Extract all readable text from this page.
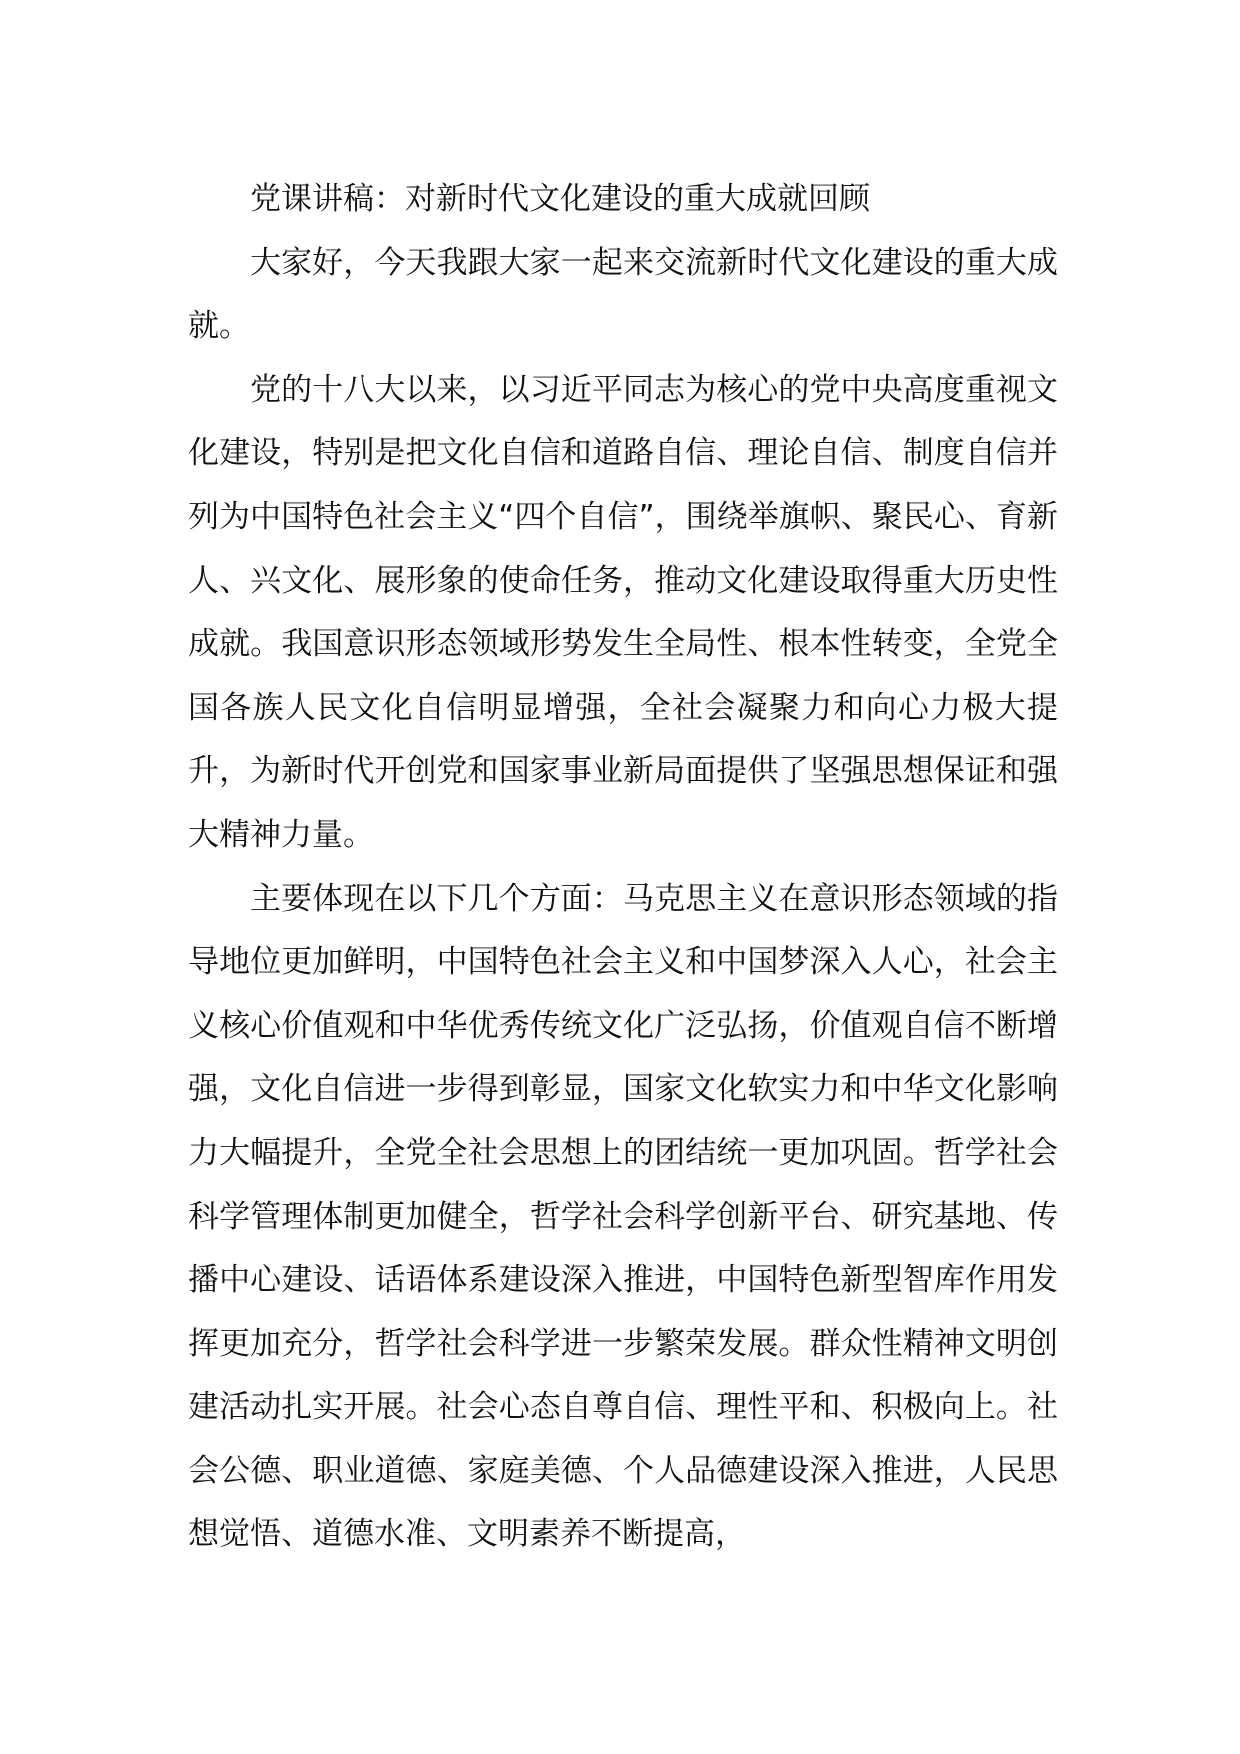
党课讲稿：对新时代文化建设的重大成就回顾

大家好，今天我跟大家一起来交流新时代文化建设的重大成就。

党的十八大以来，以习近平同志为核心的党中央高度重视文化建设，特别是把文化自信和道路自信、理论自信、制度自信并列为中国特色社会主义“四个自信”，围绕举旗帜、聚民心、育新人、兴文化、展形象的使命任务，推动文化建设取得重大历史性成就。我国意识形态领域形势发生全局性、根本性转变，全党全国各族人民文化自信明显增强，全社会凝聚力和向心力极大提升，为新时代开创党和国家事业新局面提供了坚强思想保证和强大精神力量。

主要体现在以下几个方面：马克思主义在意识形态领域的指导地位更加鲜明，中国特色社会主义和中国梦深入人心，社会主义核心价值观和中华优秀传统文化广泛弘扬，价值观自信不断增强，文化自信进一步得到彰显，国家文化软实力和中华文化影响力大幅提升，全党全社会思想上的团结统一更加巩固。哲学社会科学管理体制更加健全，哲学社会科学创新平台、研究基地、传播中心建设、话语体系建设深入推进，中国特色新型智库作用发挥更加充分，哲学社会科学进一步繁荣发展。群众性精神文明创建活动扎实开展。社会心态自尊自信、理性平和、积极向上。社会公德、职业道德、家庭美德、个人品德建设深入推进，人民思想觉悟、道德水准、文明素养不断提高，
